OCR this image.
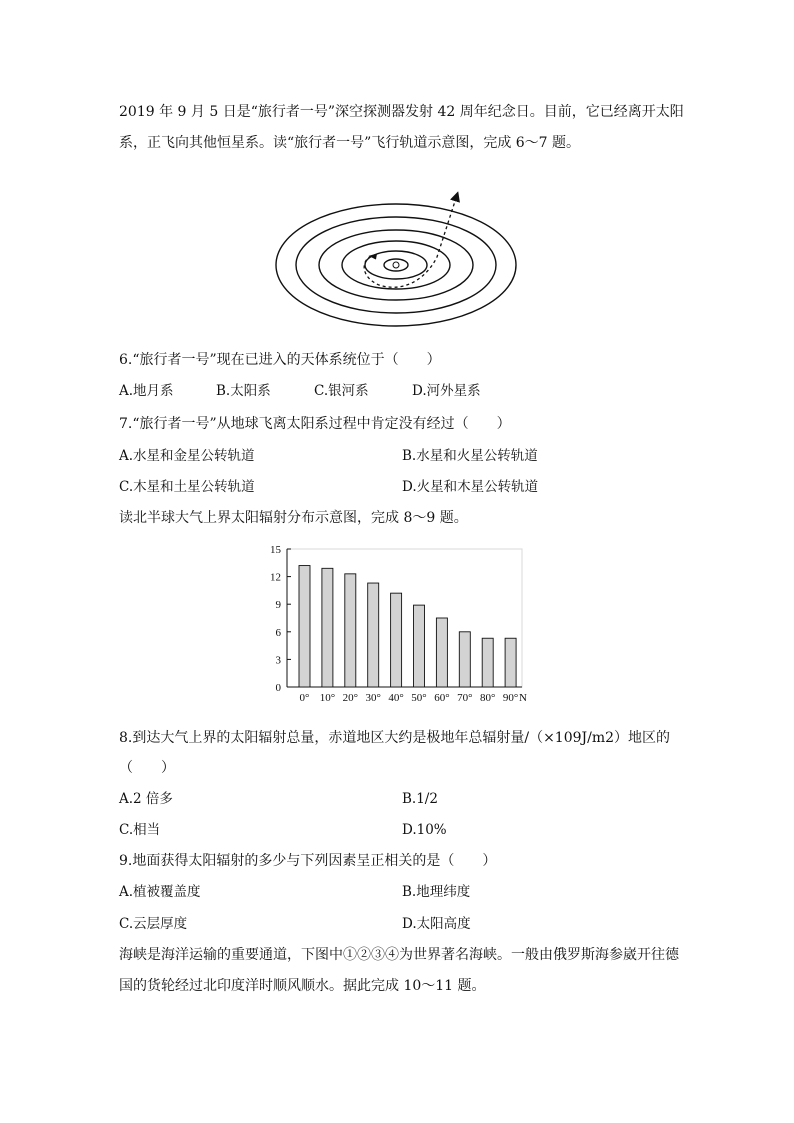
2019 年 9 月 5 日是“旅行者一号”深空探测器发射 42 周年纪念日。目前，它已经离开太阳
系，正飞向其他恒星系。读“旅行者一号”飞行轨道示意图，完成 6～7 题。
6.“旅行者一号”现在已进入的天体系统位于（　　）
A.地月系	B.太阳系	C.银河系	D.河外星系
7.“旅行者一号”从地球飞离太阳系过程中肯定没有经过（　　）
A.水星和金星公转轨道	B.水星和火星公转轨道
C.木星和土星公转轨道	D.火星和木星公转轨道
读北半球大气上界太阳辐射分布示意图，完成 8～9 题。
0
3
6
9
12
15
0° 10° 20° 30° 40° 50° 60° 70° 80° 90° N
8.到达大气上界的太阳辐射总量，赤道地区大约是极地年总辐射量/（×109J/m2）地区的
（　　）
A.2 倍多	B.1/2
C.相当	D.10%
9.地面获得太阳辐射的多少与下列因素呈正相关的是（　　）
A.植被覆盖度	B.地理纬度
C.云层厚度	D.太阳高度
海峡是海洋运输的重要通道，下图中①②③④为世界著名海峡。一般由俄罗斯海参崴开往德
国的货轮经过北印度洋时顺风顺水。据此完成 10～11 题。
